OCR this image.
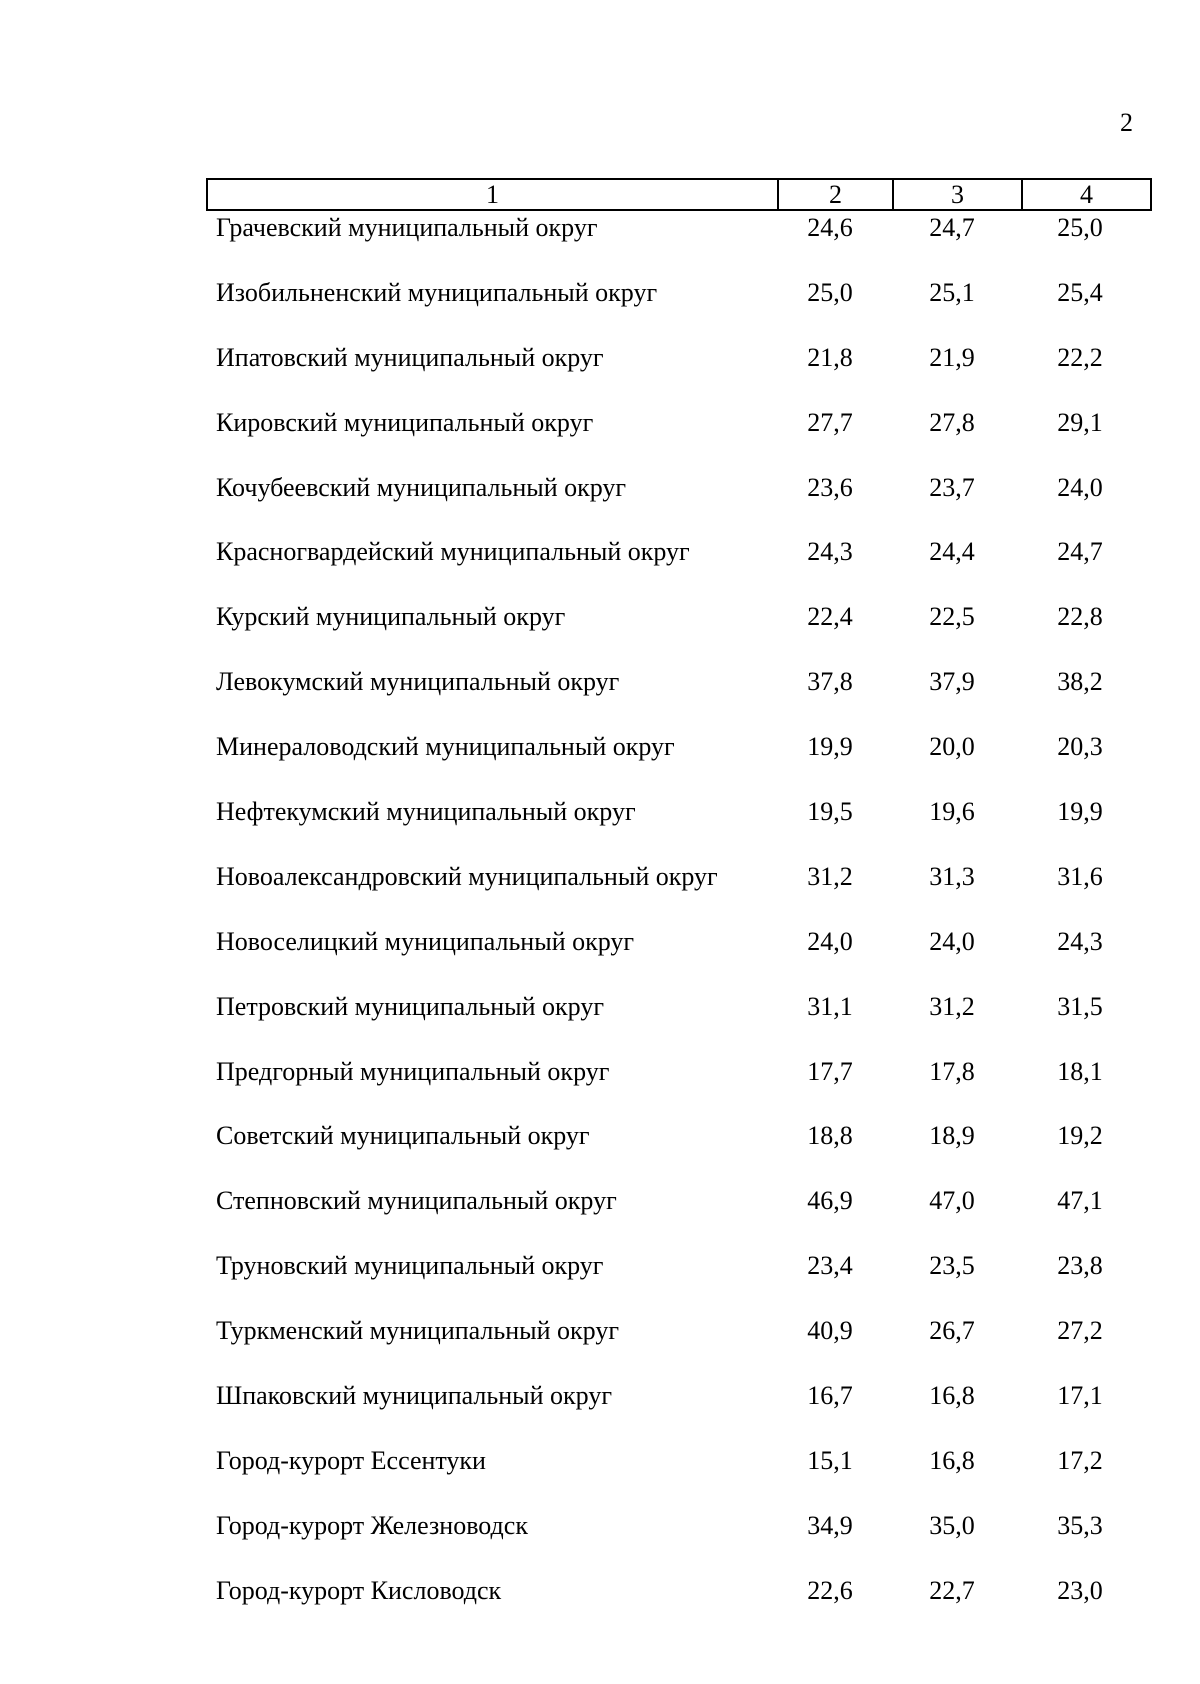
2
1	2	3	4
Грачевский муниципальный округ	24,6	24,7	25,0
Изобильненский муниципальный округ	25,0	25,1	25,4
Ипатовский муниципальный округ	21,8	21,9	22,2
Кировский муниципальный округ	27,7	27,8	29,1
Кочубеевский муниципальный округ	23,6	23,7	24,0
Красногвардейский муниципальный округ	24,3	24,4	24,7
Курский муниципальный округ	22,4	22,5	22,8
Левокумский муниципальный округ	37,8	37,9	38,2
Минераловодский муниципальный округ	19,9	20,0	20,3
Нефтекумский муниципальный округ	19,5	19,6	19,9
Новоалександровский муниципальный округ	31,2	31,3	31,6
Новоселицкий муниципальный округ	24,0	24,0	24,3
Петровский муниципальный округ	31,1	31,2	31,5
Предгорный муниципальный округ	17,7	17,8	18,1
Советский муниципальный округ	18,8	18,9	19,2
Степновский муниципальный округ	46,9	47,0	47,1
Труновский муниципальный округ	23,4	23,5	23,8
Туркменский муниципальный округ	40,9	26,7	27,2
Шпаковский муниципальный округ	16,7	16,8	17,1
Город-курорт Ессентуки	15,1	16,8	17,2
Город-курорт Железноводск	34,9	35,0	35,3
Город-курорт Кисловодск	22,6	22,7	23,0
